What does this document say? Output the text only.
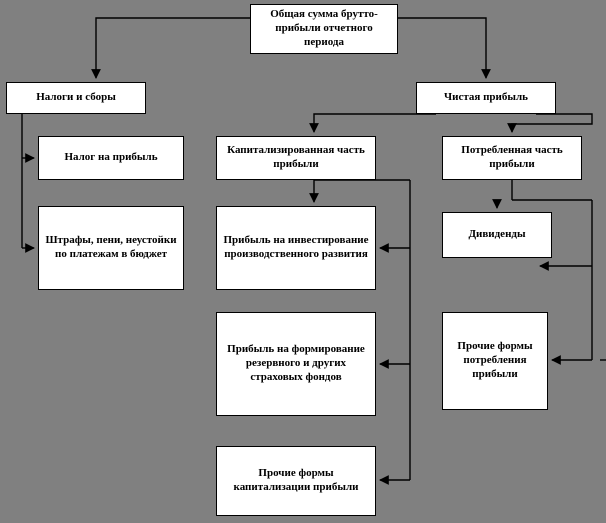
Общая сумма брутто-прибыли отчетного периода
Налоги и сборы	Чистая прибыль
Налог на прибыль
Штрафы, пени, неустойки по платежам в бюджет
Капитализированная часть прибыли
Потребленная часть прибыли
Прибыль на инвестирование производственного развития
Дивиденды
Прибыль на формирование резервного и других страховых фондов
Прочие формы потребления прибыли
Прочие формы капитализации прибыли
